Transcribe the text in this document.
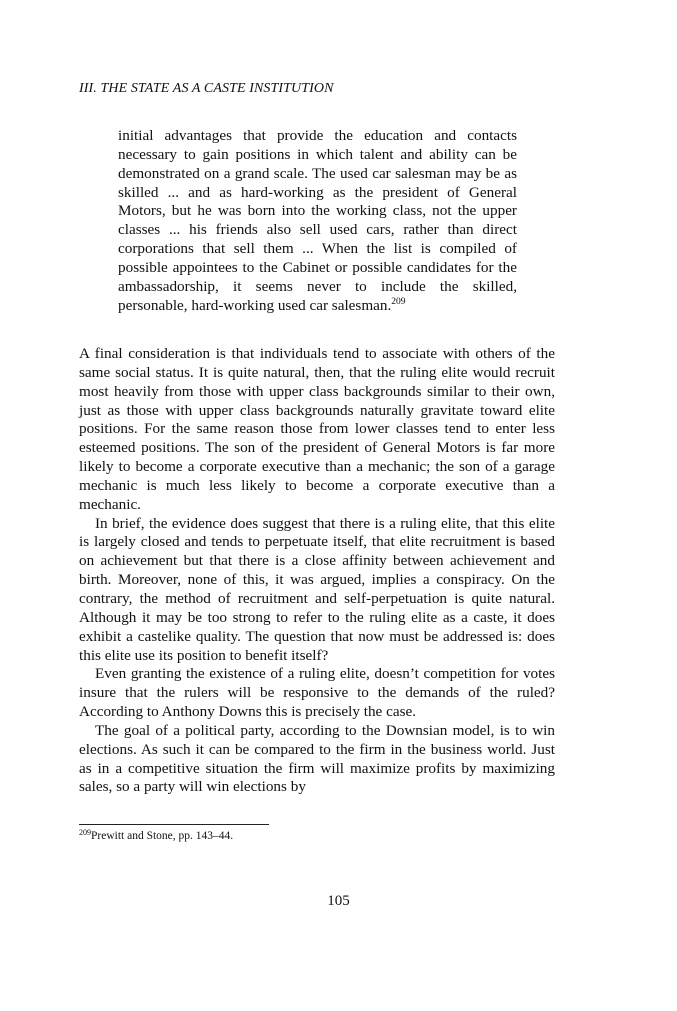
III. THE STATE AS A CASTE INSTITUTION
initial advantages that provide the education and contacts necessary to gain positions in which talent and ability can be demonstrated on a grand scale. The used car salesman may be as skilled ... and as hard-working as the president of General Motors, but he was born into the working class, not the upper classes ... his friends also sell used cars, rather than direct corporations that sell them ... When the list is compiled of possible appointees to the Cabinet or possible candidates for the ambassadorship, it seems never to include the skilled, personable, hard-working used car salesman.$^{209}$

A final consideration is that individuals tend to associate with others of the same social status. It is quite natural, then, that the ruling elite would recruit most heavily from those with upper class backgrounds similar to their own, just as those with upper class backgrounds naturally gravitate toward elite positions. For the same reason those from lower classes tend to enter less esteemed positions. The son of the president of General Motors is far more likely to become a corporate executive than a mechanic; the son of a garage mechanic is much less likely to become a corporate executive than a mechanic.

In brief, the evidence does suggest that there is a ruling elite, that this elite is largely closed and tends to perpetuate itself, that elite recruitment is based on achievement but that there is a close affinity between achievement and birth. Moreover, none of this, it was argued, implies a conspiracy. On the contrary, the method of recruitment and self-perpetuation is quite natural. Although it may be too strong to refer to the ruling elite as a caste, it does exhibit a castelike quality. The question that now must be addressed is: does this elite use its position to benefit itself?

Even granting the existence of a ruling elite, doesn’t competition for votes insure that the rulers will be responsive to the demands of the ruled? According to Anthony Downs this is precisely the case.

The goal of a political party, according to the Downsian model, is to win elections. As such it can be compared to the firm in the business world. Just as in a competitive situation the firm will maximize profits by maximizing sales, so a party will win elections by

$^{209}$Prewitt and Stone, pp. 143–44.
105
